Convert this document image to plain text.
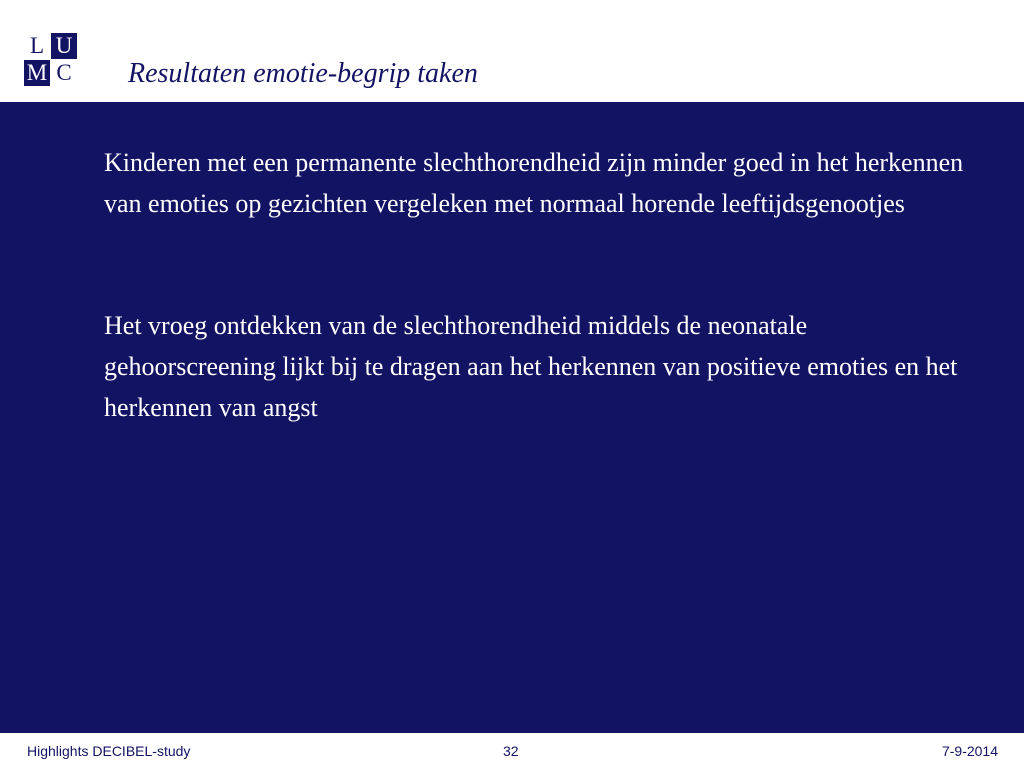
L U
M C Resultaten emotie-begrip taken

Kinderen met een permanente slechthorendheid zijn minder goed in het herkennen van emoties op gezichten vergeleken met normaal horende leeftijdsgenootjes

Het vroeg ontdekken van de slechthorendheid middels de neonatale gehoorscreening lijkt bij te dragen aan het herkennen van positieve emoties en het herkennen van angst

Highlights DECIBEL-study	32	7-9-2014
